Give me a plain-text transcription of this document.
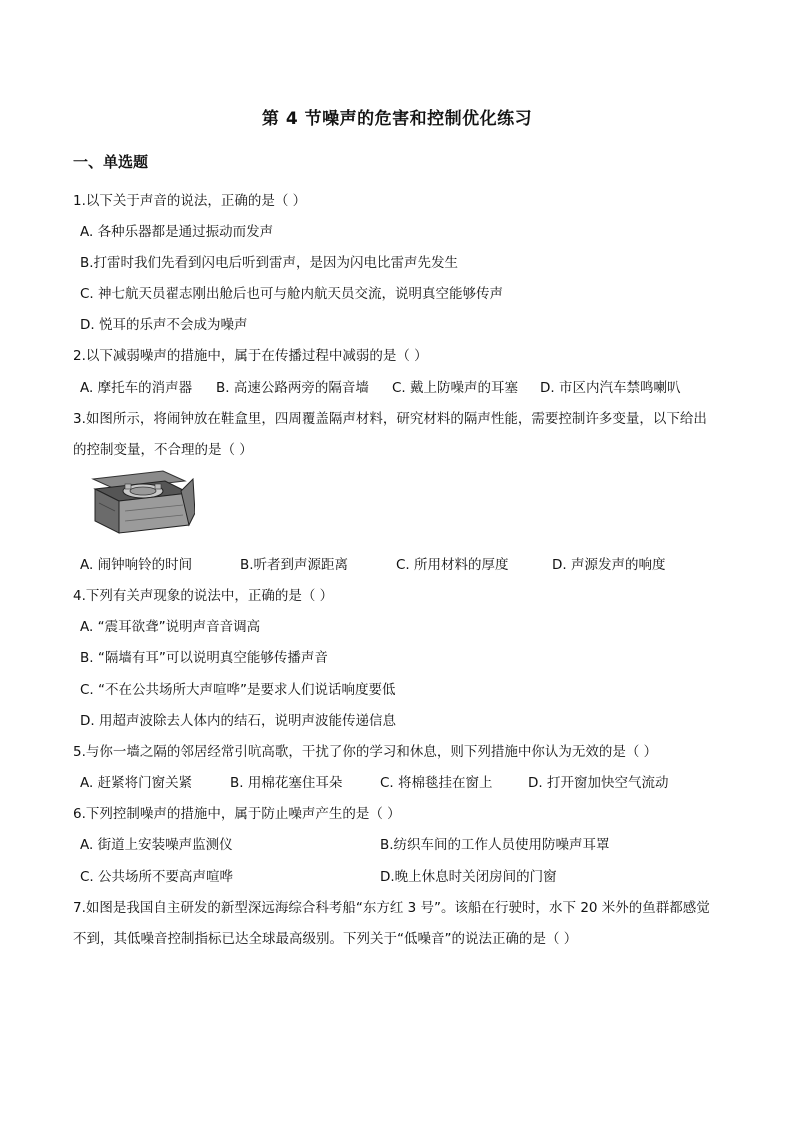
第 4 节噪声的危害和控制优化练习
一、单选题
1.以下关于声音的说法，正确的是（ ）
A. 各种乐器都是通过振动而发声
B.打雷时我们先看到闪电后听到雷声，是因为闪电比雷声先发生
C. 神七航天员翟志刚出舱后也可与舱内航天员交流，说明真空能够传声
D. 悦耳的乐声不会成为噪声
2.以下减弱噪声的措施中，属于在传播过程中减弱的是（ ）
A. 摩托车的消声器 B. 高速公路两旁的隔音墙 C. 戴上防噪声的耳塞 D. 市区内汽车禁鸣喇叭
3.如图所示，将闹钟放在鞋盒里，四周覆盖隔声材料，研究材料的隔声性能，需要控制许多变量，以下给出
的控制变量，不合理的是（ ）
A. 闹钟响铃的时间	B.听者到声源距离	C. 所用材料的厚度	D. 声源发声的响度
4.下列有关声现象的说法中，正确的是（ ）
A. “震耳欲聋”说明声音音调高
B. “隔墙有耳”可以说明真空能够传播声音
C. “不在公共场所大声喧哗”是要求人们说话响度要低
D. 用超声波除去人体内的结石，说明声波能传递信息
5.与你一墙之隔的邻居经常引吭高歌，干扰了你的学习和休息，则下列措施中你认为无效的是（ ）
A. 赶紧将门窗关紧	B. 用棉花塞住耳朵	C. 将棉毯挂在窗上	D. 打开窗加快空气流动
6.下列控制噪声的措施中，属于防止噪声产生的是（ ）
A. 街道上安装噪声监测仪	B.纺织车间的工作人员使用防噪声耳罩
C. 公共场所不要高声喧哗	D.晚上休息时关闭房间的门窗
7.如图是我国自主研发的新型深远海综合科考船“东方红 3 号”。该船在行驶时，水下 20 米外的鱼群都感觉
不到，其低噪音控制指标已达全球最高级别。下列关于“低噪音”的说法正确的是（ ）
